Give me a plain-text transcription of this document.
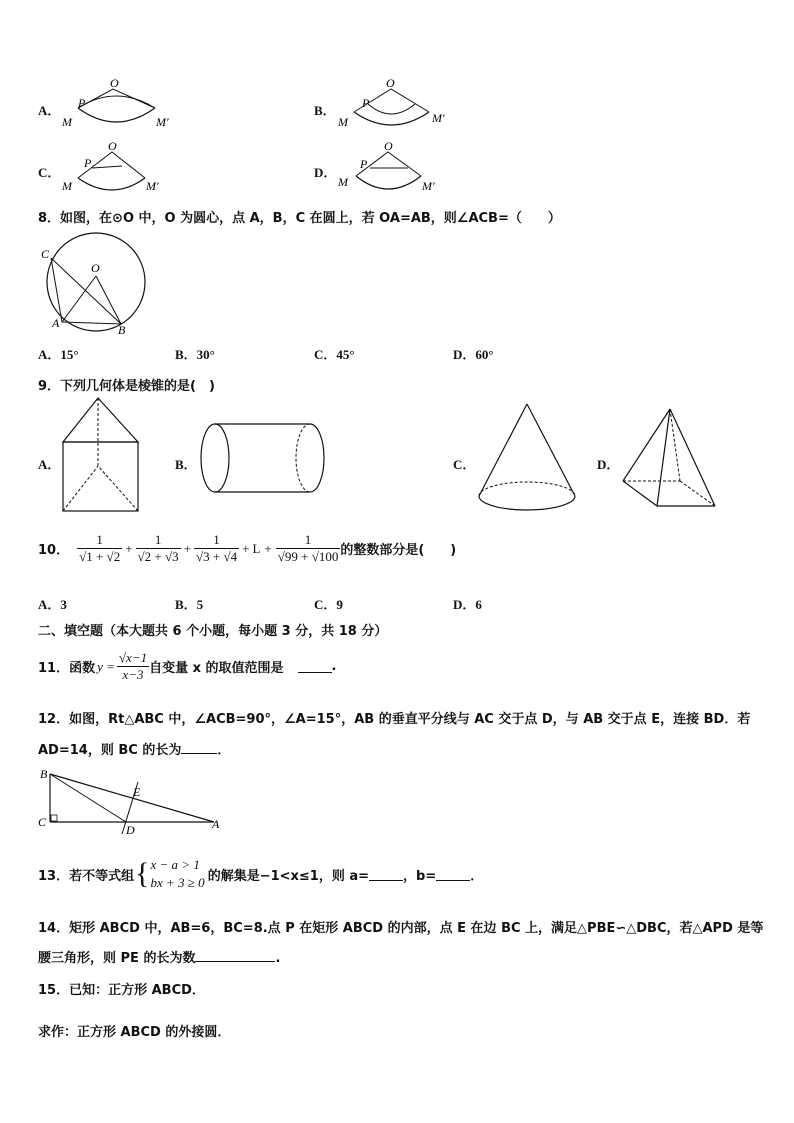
A．
O
P
M	M′
B．
O
P
M	M′
C．
O
P
M	M′
D．
O
P
M	M′
8．如图，在⊙O 中，O 为圆心，点 A，B，C 在圆上，若 OA=AB，则∠ACB=（　　）
C
O
A	B
A．15°	B．30°	C．45°	D．60°
9．下列几何体是棱锥的是(　)
A．	B．	C．	D．
10． $\frac{1}{√1 + √2} + \frac{1}{√2 + √3} + \frac{1}{√3 + √4} + L + \frac{1}{√99 + √100}$ 的整数部分是(　　)
A．3	B．5	C．9	D．6
二、填空题（本大题共 6 个小题，每小题 3 分，共 18 分）
11．函数 $y = \frac{√x-1}{x-3}$ 自变量 x 的取值范围是	.
12．如图，Rt△ABC 中，∠ACB=90°，∠A=15°，AB 的垂直平分线与 AC 交于点 D，与 AB 交于点 E，连接 BD．若
AD=14，则 BC 的长为	．
B
E
C
D	A
13．若不等式组 { x − a > 1
bx + 3 ≥ 0 的解集是−1<x≤1，则 a=	，b=	．
14．矩形 ABCD 中，AB=6，BC=8.点 P 在矩形 ABCD 的内部，点 E 在边 BC 上，满足△PBE∽△DBC，若△APD 是等
腰三角形，则 PE 的长为数	.
15．已知：正方形 ABCD．
求作：正方形 ABCD 的外接圆．
